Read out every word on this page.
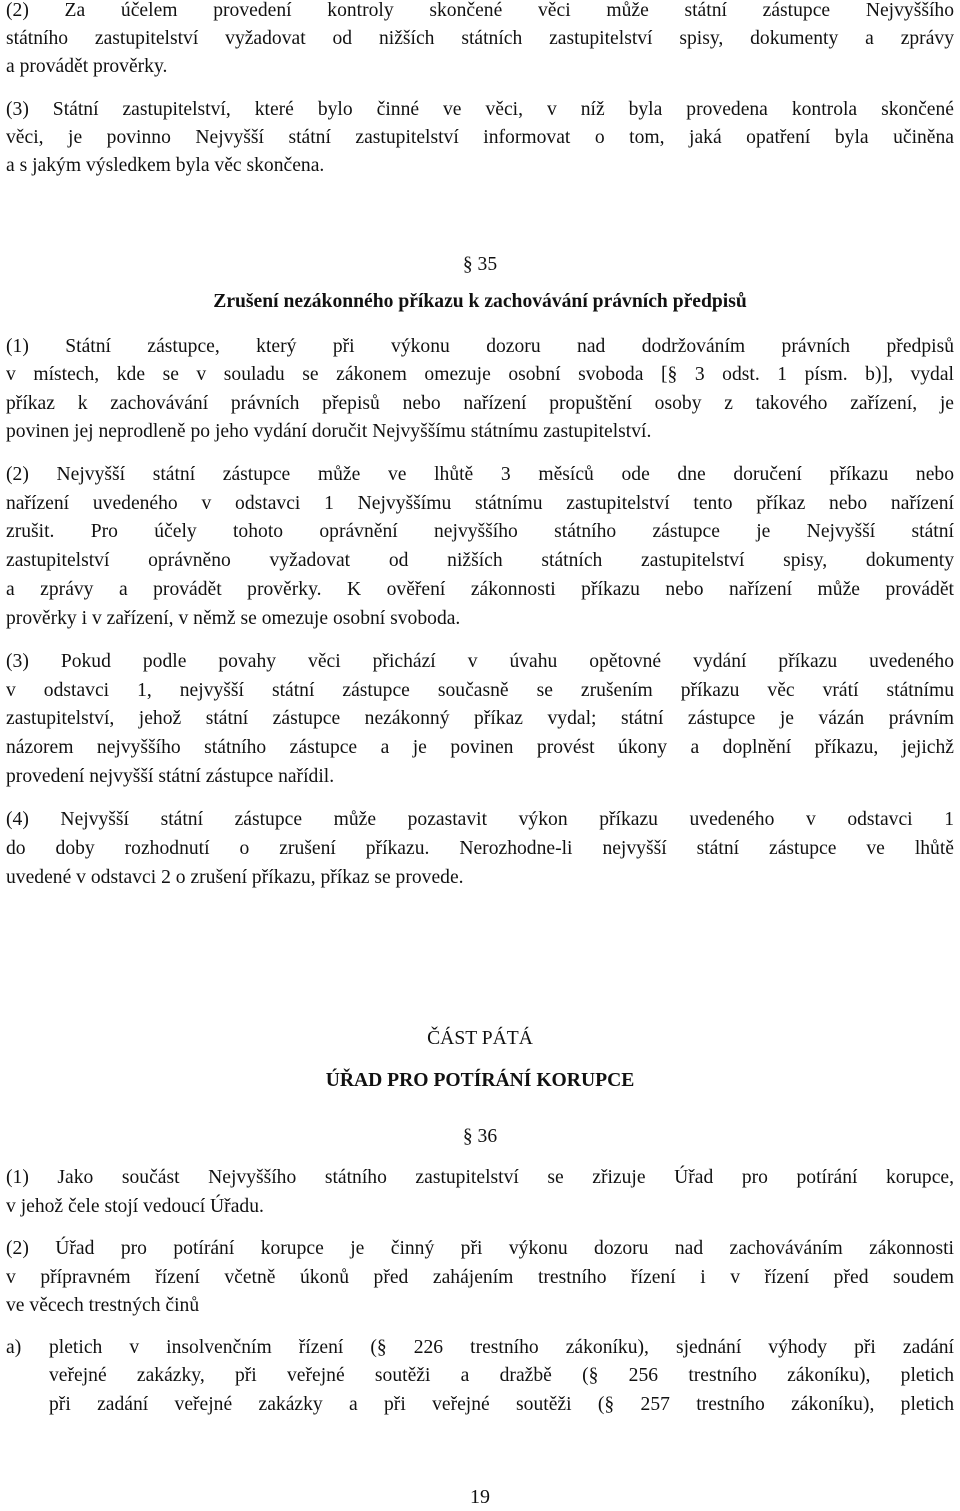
(2) Za účelem provedení kontroly skončené věci může státní zástupce Nejvyššího
státního zastupitelství vyžadovat od nižších státních zastupitelství spisy, dokumenty a zprávy
a provádět prověrky.
(3) Státní zastupitelství, které bylo činné ve věci, v níž byla provedena kontrola skončené
věci, je povinno Nejvyšší státní zastupitelství informovat o tom, jaká opatření byla učiněna
a s jakým výsledkem byla věc skončena.
§ 35
Zrušení nezákonného příkazu k zachovávání právních předpisů
(1) Státní zástupce, který při výkonu dozoru nad dodržováním právních předpisů
v místech, kde se v souladu se zákonem omezuje osobní svoboda [§ 3 odst. 1 písm. b)], vydal
příkaz k zachovávání právních přepisů nebo nařízení propuštění osoby z takového zařízení, je
povinen jej neprodleně po jeho vydání doručit Nejvyššímu státnímu zastupitelství.
(2) Nejvyšší státní zástupce může ve lhůtě 3 měsíců ode dne doručení příkazu nebo
nařízení uvedeného v odstavci 1 Nejvyššímu státnímu zastupitelství tento příkaz nebo nařízení
zrušit. Pro účely tohoto oprávnění nejvyššího státního zástupce je Nejvyšší státní
zastupitelství oprávněno vyžadovat od nižších státních zastupitelství spisy, dokumenty
a zprávy a provádět prověrky. K ověření zákonnosti příkazu nebo nařízení může provádět
prověrky i v zařízení, v němž se omezuje osobní svoboda.
(3) Pokud podle povahy věci přichází v úvahu opětovné vydání příkazu uvedeného
v odstavci 1, nejvyšší státní zástupce současně se zrušením příkazu věc vrátí státnímu
zastupitelství, jehož státní zástupce nezákonný příkaz vydal; státní zástupce je vázán právním
názorem nejvyššího státního zástupce a je povinen provést úkony a doplnění příkazu, jejichž
provedení nejvyšší státní zástupce nařídil.
(4) Nejvyšší státní zástupce může pozastavit výkon příkazu uvedeného v odstavci 1
do doby rozhodnutí o zrušení příkazu. Nerozhodne-li nejvyšší státní zástupce ve lhůtě
uvedené v odstavci 2 o zrušení příkazu, příkaz se provede.
ČÁST PÁTÁ
ÚŘAD PRO POTÍRÁNÍ KORUPCE
§ 36
(1) Jako součást Nejvyššího státního zastupitelství se zřizuje Úřad pro potírání korupce,
v jehož čele stojí vedoucí Úřadu.
(2) Úřad pro potírání korupce je činný při výkonu dozoru nad zachováváním zákonnosti
v přípravném řízení včetně úkonů před zahájením trestního řízení i v řízení před soudem
ve věcech trestných činů
a)	pletich v insolvenčním řízení (§ 226 trestního zákoníku), sjednání výhody při zadání
veřejné zakázky, při veřejné soutěži a dražbě (§ 256 trestního zákoníku), pletich
při zadání veřejné zakázky a při veřejné soutěži (§ 257 trestního zákoníku), pletich
19
